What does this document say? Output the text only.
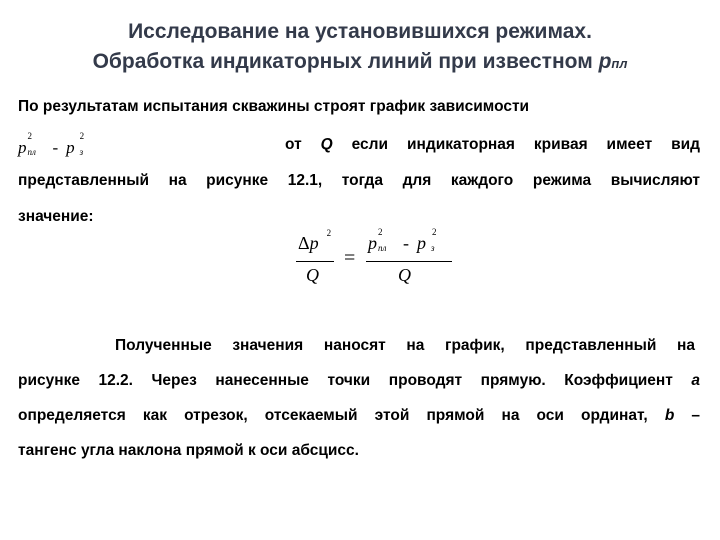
Исследование на установившихся режимах.
Обработка индикаторных линий при известном pпл
По результатам испытания скважины строят график зависимости
p
2
пл - p
2
з	от Q если индикаторная кривая имеет вид
представленный на рисунке 12.1, тогда для каждого режима вычисляют
значение:
Δp $^2$
Q
=
p
2
пл - p
2
з
Q
Полученные значения наносят на график, представленный на
рисунке 12.2. Через нанесенные точки проводят прямую. Коэффициент a
определяется как отрезок, отсекаемый этой прямой на оси ординат, b –
тангенс угла наклона прямой к оси абсцисс.
